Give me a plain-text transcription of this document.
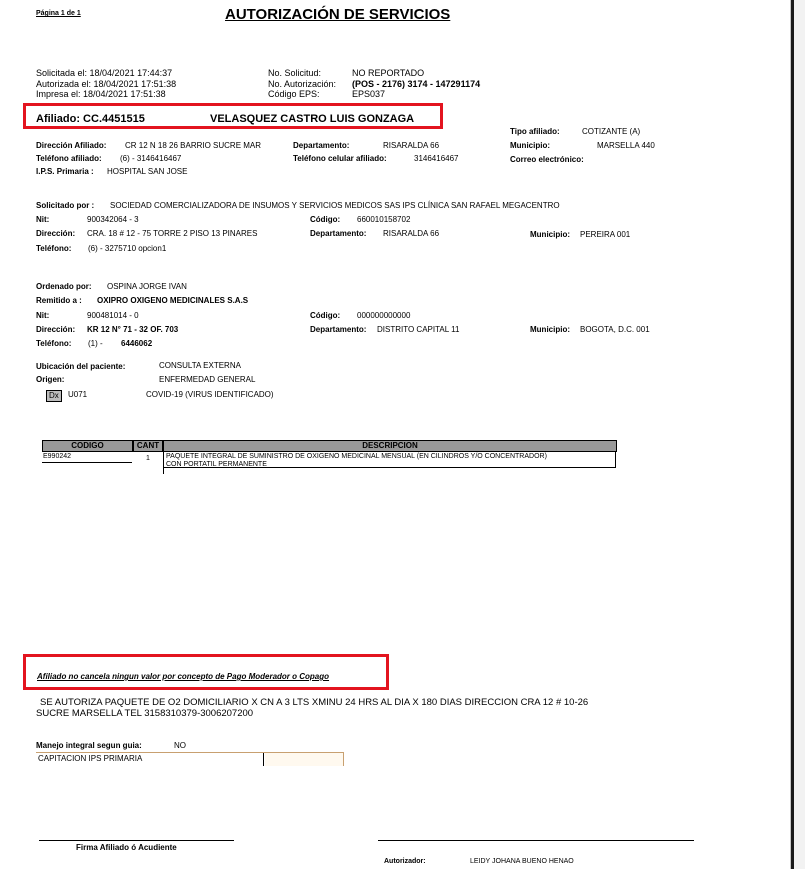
Página 1 de 1	AUTORIZACIÓN DE SERVICIOS
Solicitada el: 18/04/2021 17:44:37
Autorizada el: 18/04/2021 17:51:38
Impresa el: 18/04/2021 17:51:38
No. Solicitud:	NO REPORTADO
No. Autorización: (POS - 2176) 3174 - 147291174
Código EPS:	EPS037
Afiliado: CC.4451515	VELASQUEZ CASTRO LUIS GONZAGA
Tipo afiliado:	COTIZANTE (A)
Dirección Afiliado: CR 12 N 18 26 BARRIO SUCRE MAR	Departamento:	RISARALDA 66	Municipio:	MARSELLA 440
Teléfono afiliado: (6) - 3146416467	Teléfono celular afiliado:	3146416467	Correo electrónico:
I.P.S. Primaria : HOSPITAL SAN JOSE
Solicitado por : SOCIEDAD COMERCIALIZADORA DE INSUMOS Y SERVICIOS MEDICOS SAS IPS CLÍNICA SAN RAFAEL MEGACENTRO
Nit:	900342064 - 3	Código: 660010158702
Dirección: CRA. 18 # 12 - 75 TORRE 2 PISO 13 PINARES	Departamento: RISARALDA 66	Municipio: PEREIRA 001
Teléfono: (6) - 3275710 opcion1
Ordenado por: OSPINA JORGE IVAN
Remitido a : OXIPRO OXIGENO MEDICINALES S.A.S
Nit:	900481014 - 0	Código: 000000000000
Dirección: KR 12 N° 71 - 32 OF. 703	Departamento: DISTRITO CAPITAL 11	Municipio: BOGOTA, D.C. 001
Teléfono: (1) - 6446062
Ubicación del paciente:	CONSULTA EXTERNA
Origen:	ENFERMEDAD GENERAL
Dx	U071	COVID-19 (VIRUS IDENTIFICADO)
CODIGO	CANT	DESCRIPCION
E990242	1 PAQUETE INTEGRAL DE SUMINISTRO DE OXIGENO MEDICINAL MENSUAL (EN CILINDROS Y/O CONCENTRADOR)
CON PORTATIL PERMANENTE
Afiliado no cancela ningun valor por concepto de Pago Moderador o Copago
SE AUTORIZA PAQUETE DE O2 DOMICILIARIO X CN A 3 LTS XMINU 24 HRS AL DIA X 180 DIAS DIRECCION CRA 12 # 10-26
SUCRE MARSELLA TEL 3158310379-3006207200
Manejo integral segun guia:	NO
CAPITACION IPS PRIMARIA
Firma Afiliado ó Acudiente
Autorizador:	LEIDY JOHANA BUENO HENAO
